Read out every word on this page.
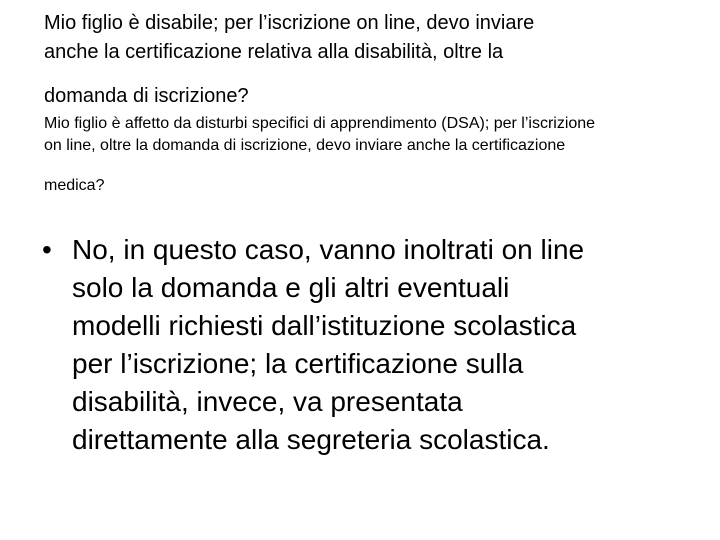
Mio figlio è disabile; per l’iscrizione on line, devo inviare

anche la certificazione relativa alla disabilità, oltre la

domanda di iscrizione?

Mio figlio è affetto da disturbi specifici di apprendimento (DSA); per l’iscrizione

on line, oltre la domanda di iscrizione, devo inviare anche la certificazione

medica?

• No, in questo caso, vanno inoltrati on line

solo la domanda e gli altri eventuali

modelli richiesti dall’istituzione scolastica

per l’iscrizione; la certificazione sulla

disabilità, invece, va presentata

direttamente alla segreteria scolastica.
